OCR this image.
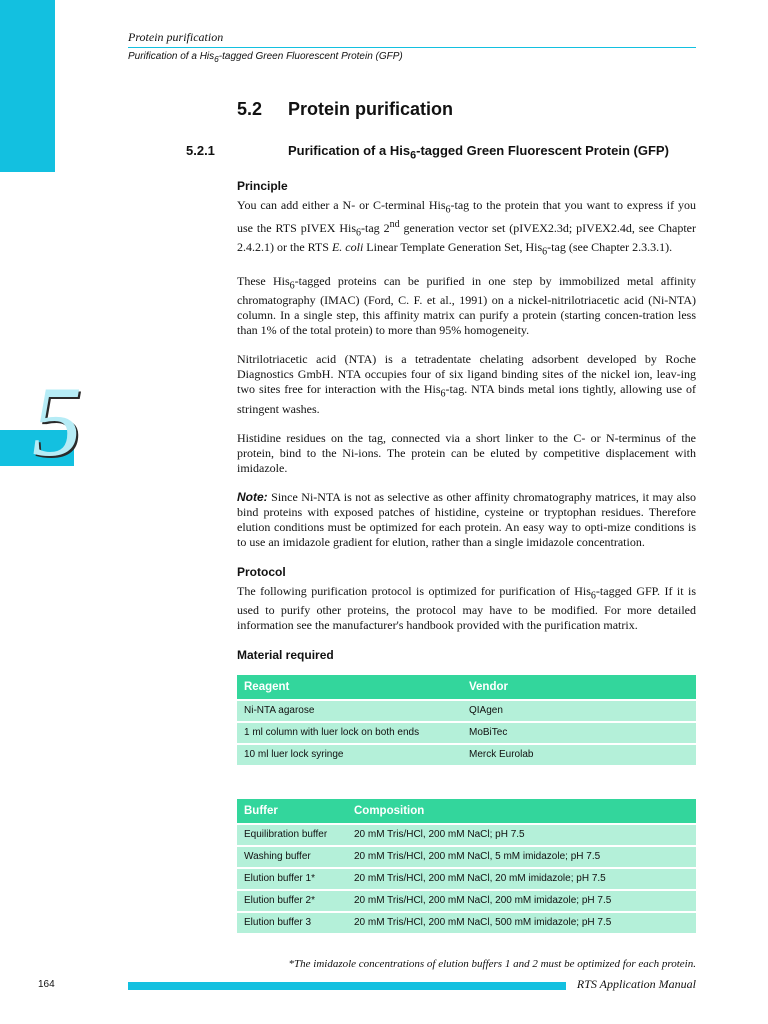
5
Protein purification
Purification of a His$_6$-tagged Green Fluorescent Protein (GFP)
5.2 Protein purification
5.2.1	Purification of a His$_6$-tagged Green Fluorescent Protein (GFP)
Principle

You can add either a N- or C-terminal His$_6$-tag to the protein that you want to express if you use the RTS pIVEX His$_6$-tag 2nd generation vector set (pIVEX2.3d; pIVEX2.4d, see Chapter 2.4.2.1) or the RTS E. coli Linear Template Generation Set, His$_6$-tag (see Chapter 2.3.3.1).

These His$_6$-tagged proteins can be purified in one step by immobilized metal affinity chromatography (IMAC) (Ford, C. F. et al., 1991) on a nickel-nitrilotriacetic acid (Ni-NTA) column. In a single step, this affinity matrix can purify a protein (starting concen-tration less than 1% of the total protein) to more than 95% homogeneity.

Nitrilotriacetic acid (NTA) is a tetradentate chelating adsorbent developed by Roche Diagnostics GmbH. NTA occupies four of six ligand binding sites of the nickel ion, leav-ing two sites free for interaction with the His$_6$-tag. NTA binds metal ions tightly, allowing use of stringent washes.

Histidine residues on the tag, connected via a short linker to the C- or N-terminus of the protein, bind to the Ni-ions. The protein can be eluted by competitive displacement with imidazole.

Note: Since Ni-NTA is not as selective as other affinity chromatography matrices, it may also bind proteins with exposed patches of histidine, cysteine or tryptophan residues. Therefore elution conditions must be optimized for each protein. An easy way to opti-mize conditions is to use an imidazole gradient for elution, rather than a single imidazole concentration.

Protocol

The following purification protocol is optimized for purification of His$_6$-tagged GFP. If it is used to purify other proteins, the protocol may have to be modified. For more detailed information see the manufacturer's handbook provided with the purification matrix.

Material required
Reagent	Vendor
Ni-NTA agarose	QIAgen
1 ml column with luer lock on both ends	MoBiTec
10 ml luer lock syringe	Merck Eurolab
Buffer	Composition
Equilibration buffer	20 mM Tris/HCl, 200 mM NaCl; pH 7.5
Washing buffer	20 mM Tris/HCl, 200 mM NaCl, 5 mM imidazole; pH 7.5
Elution buffer 1*	20 mM Tris/HCl, 200 mM NaCl, 20 mM imidazole; pH 7.5
Elution buffer 2*	20 mM Tris/HCl, 200 mM NaCl, 200 mM imidazole; pH 7.5
Elution buffer 3	20 mM Tris/HCl, 200 mM NaCl, 500 mM imidazole; pH 7.5
*The imidazole concentrations of elution buffers 1 and 2 must be optimized for each protein.
164	RTS Application Manual
